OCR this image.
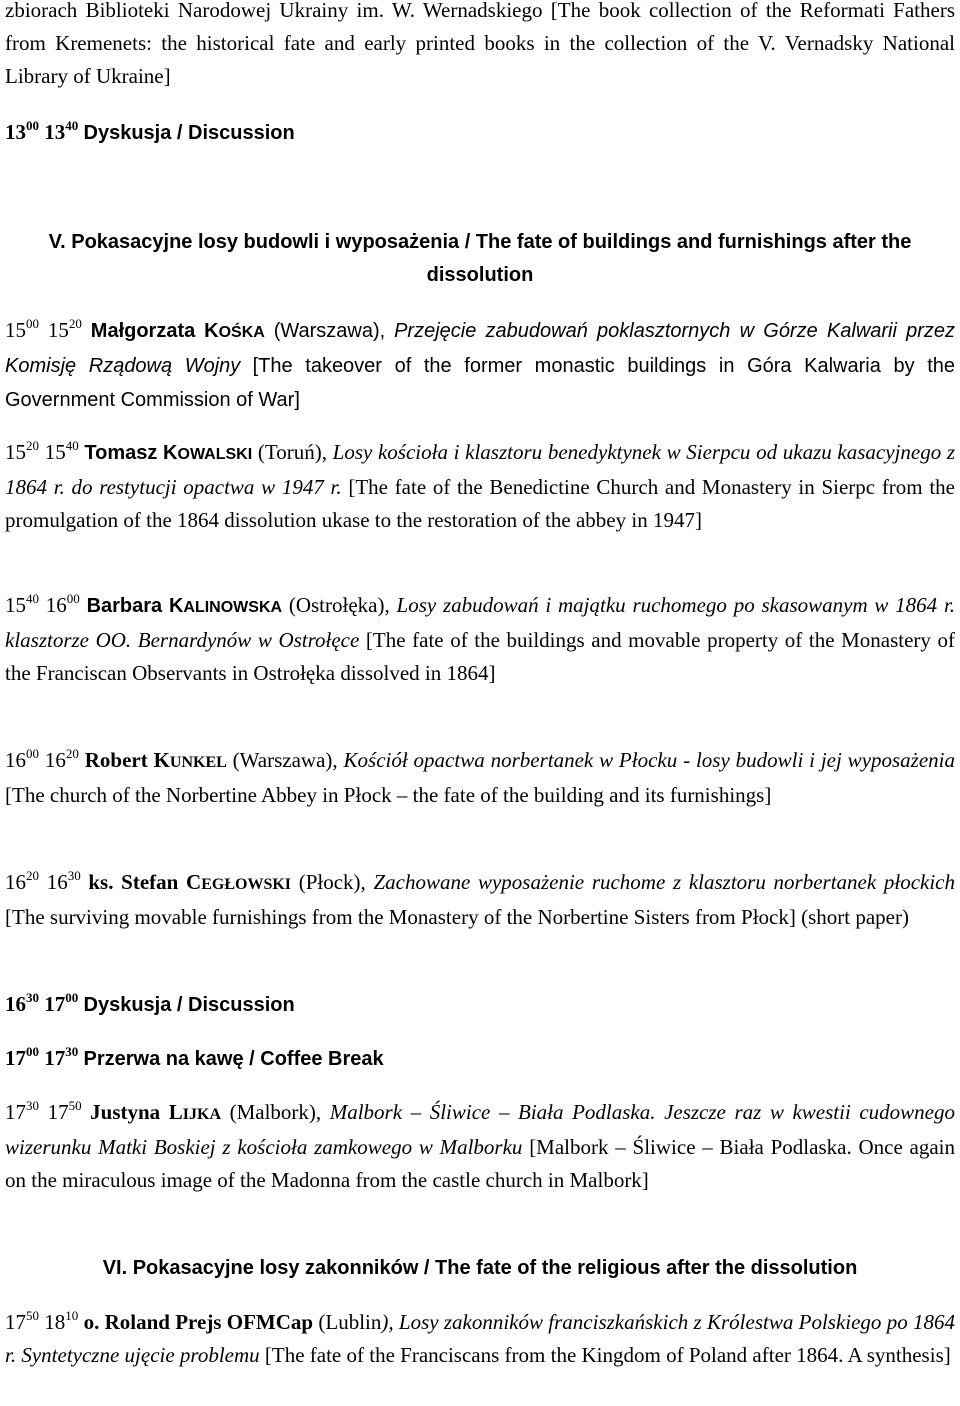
zbiorach Biblioteki Narodowej Ukrainy im. W. Wernadskiego [The book collection of the Reformati Fathers from Kremenets: the historical fate and early printed books in the collection of the V. Vernadsky National Library of Ukraine]

$13^{00}$ $13^{40}$ Dyskusja / Discussion

V. Pokasacyjne losy budowli i wyposażenia / The fate of buildings and furnishings after the dissolution

$15^{00}$ $15^{20}$ Małgorzata KOŚKA (Warszawa), Przejęcie zabudowań poklasztornych w Górze Kalwarii przez Komisję Rządową Wojny [The takeover of the former monastic buildings in Góra Kalwaria by the Government Commission of War]

$15^{20}$ $15^{40}$ Tomasz KOWALSKI (Toruń), Losy kościoła i klasztoru benedyktynek w Sierpcu od ukazu kasacyjnego z 1864 r. do restytucji opactwa w 1947 r. [The fate of the Benedictine Church and Monastery in Sierpc from the promulgation of the 1864 dissolution ukase to the restoration of the abbey in 1947]

$15^{40}$ $16^{00}$ Barbara KALINOWSKA (Ostrołęka), Losy zabudowań i majątku ruchomego po skasowanym w 1864 r. klasztorze OO. Bernardynów w Ostrołęce [The fate of the buildings and movable property of the Monastery of the Franciscan Observants in Ostrołęka dissolved in 1864]

$16^{00}$ $16^{20}$ Robert KUNKEL (Warszawa), Kościół opactwa norbertanek w Płocku - losy budowli i jej wyposażenia [The church of the Norbertine Abbey in Płock – the fate of the building and its furnishings]

$16^{20}$ $16^{30}$ ks. Stefan CEGŁOWSKI (Płock), Zachowane wyposażenie ruchome z klasztoru norbertanek płockich [The surviving movable furnishings from the Monastery of the Norbertine Sisters from Płock] (short paper)

$16^{30}$ $17^{00}$ Dyskusja / Discussion

$17^{00}$ $17^{30}$ Przerwa na kawę / Coffee Break

$17^{30}$ $17^{50}$ Justyna LIJKA (Malbork), Malbork – Śliwice – Biała Podlaska. Jeszcze raz w kwestii cudownego wizerunku Matki Boskiej z kościoła zamkowego w Malborku [Malbork – Śliwice – Biała Podlaska. Once again on the miraculous image of the Madonna from the castle church in Malbork]

VI. Pokasacyjne losy zakonników / The fate of the religious after the dissolution

$17^{50}$ $18^{10}$ o. Roland Prejs OFMCap (Lublin), Losy zakonników franciszkańskich z Królestwa Polskiego po 1864 r. Syntetyczne ujęcie problemu [The fate of the Franciscans from the Kingdom of Poland after 1864. A synthesis]
